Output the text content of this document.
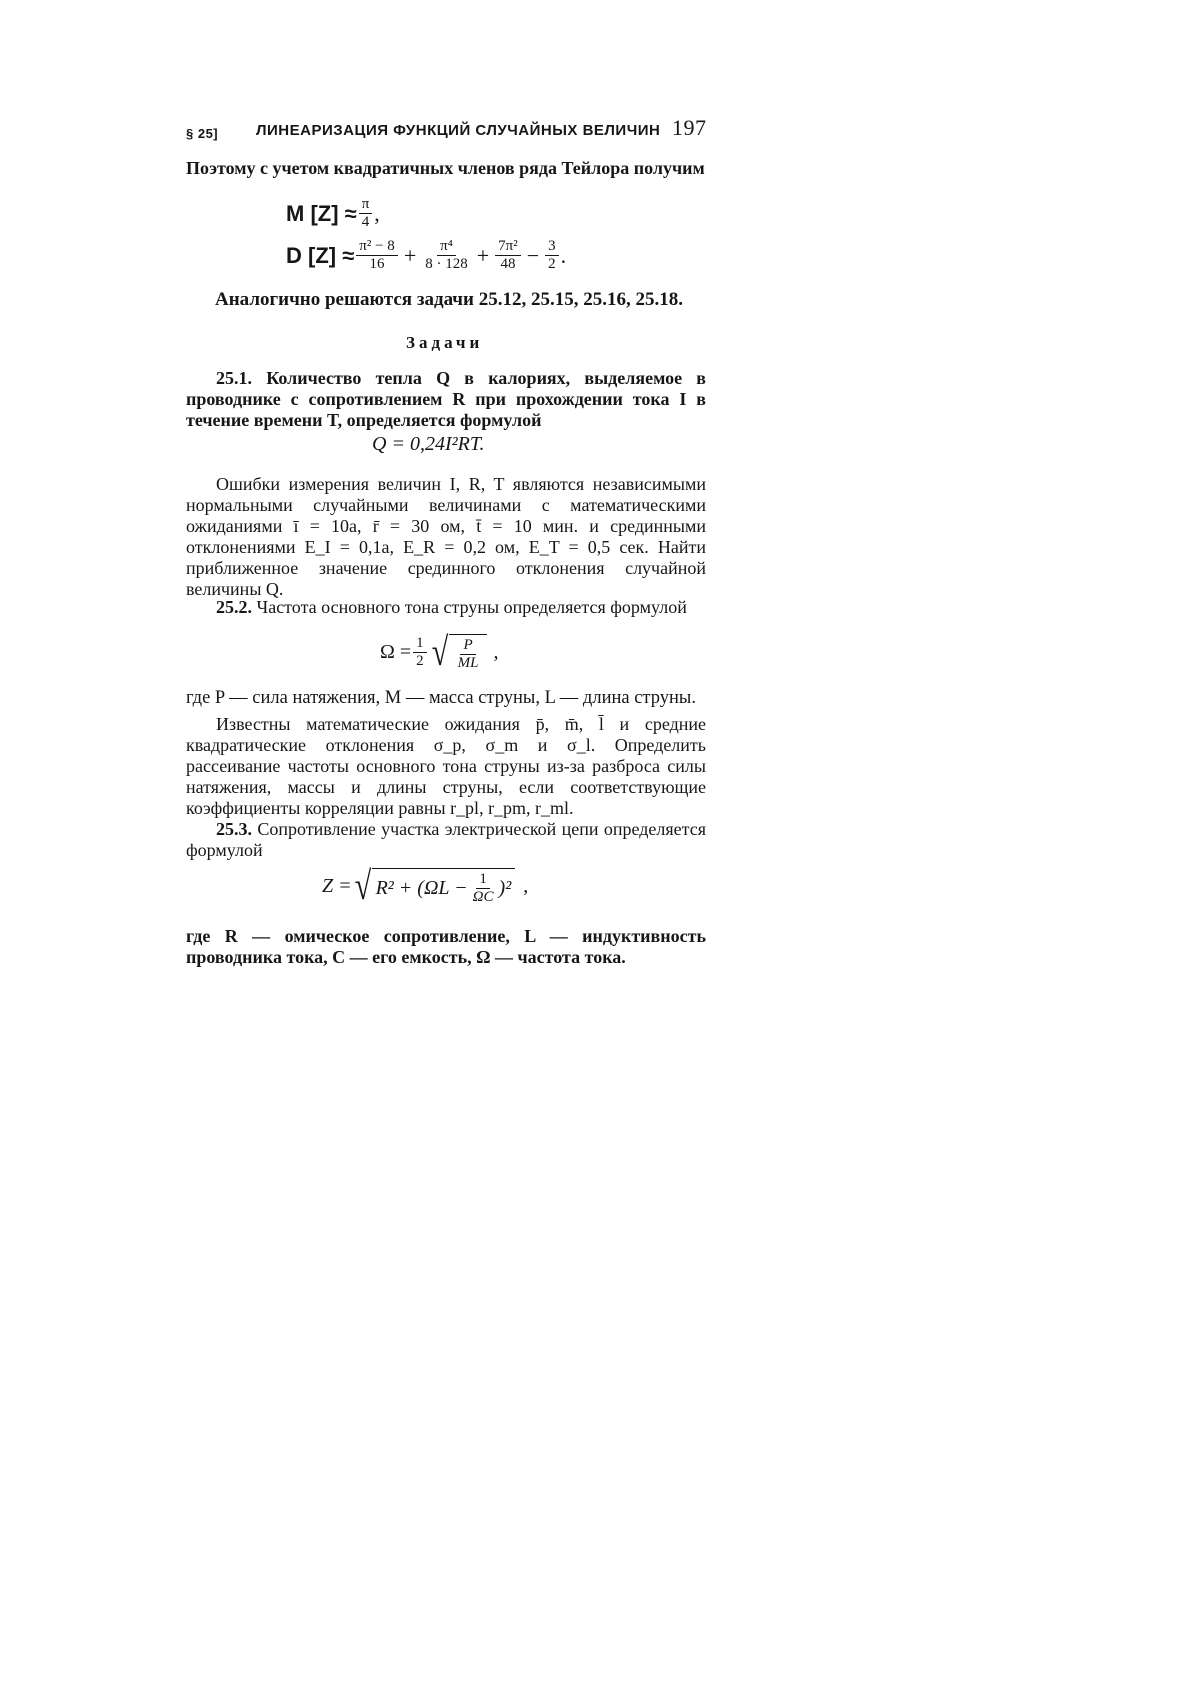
§ 25]	ЛИНЕАРИЗАЦИЯ ФУНКЦИЙ СЛУЧАЙНЫХ ВЕЛИЧИН 197
Поэтому с учетом квадратичных членов ряда Тейлора получим
M $[Z] \approx \frac{\pi}{4}$ ,
D $[Z] \approx \frac{\text{π² − 8}}{16} + \frac{\text{π⁴}}{8 \cdot 128} + \frac{\text{7π²}}{48} - \frac{3}{2}$ .
Аналогично решаются задачи 25.12, 25.15, 25.16, 25.18.
Задачи
25.1. Количество тепла Q в калориях, выделяемое в проводнике с сопротивлением R при прохождении тока I в течение времени T, определяется формулой
Q = 0,24I²RT.
Ошибки измерения величин I, R, T являются независимыми нормальными случайными величинами с математическими ожиданиями ī = 10a, r̄ = 30 ом, t̄ = 10 мин. и срединными отклонениями E_I = 0,1a, E_R = 0,2 ом, E_T = 0,5 сек. Найти приближенное значение срединного отклонения случайной величины Q.
25.2. Частота основного тона струны определяется формулой
$\Omega = \frac{1}{2}$ √ $\frac{P}{ML}$ ,
где P — сила натяжения, M — масса струны, L — длина струны.
Известны математические ожидания p̄, m̄, l̄ и средние квадратические отклонения σ_p, σ_m и σ_l. Определить рассеивание частоты основного тона струны из-за разброса силы натяжения, массы и длины струны, если соответствующие коэффициенты корреляции равны r_pl, r_pm, r_ml.
25.3. Сопротивление участка электрической цепи определяется формулой
Z = √ $R^2 + (\Omega L - \frac{1}{\Omega C} )^2$ ,
где R — омическое сопротивление, L — индуктивность проводника тока, C — его емкость, Ω — частота тока.
